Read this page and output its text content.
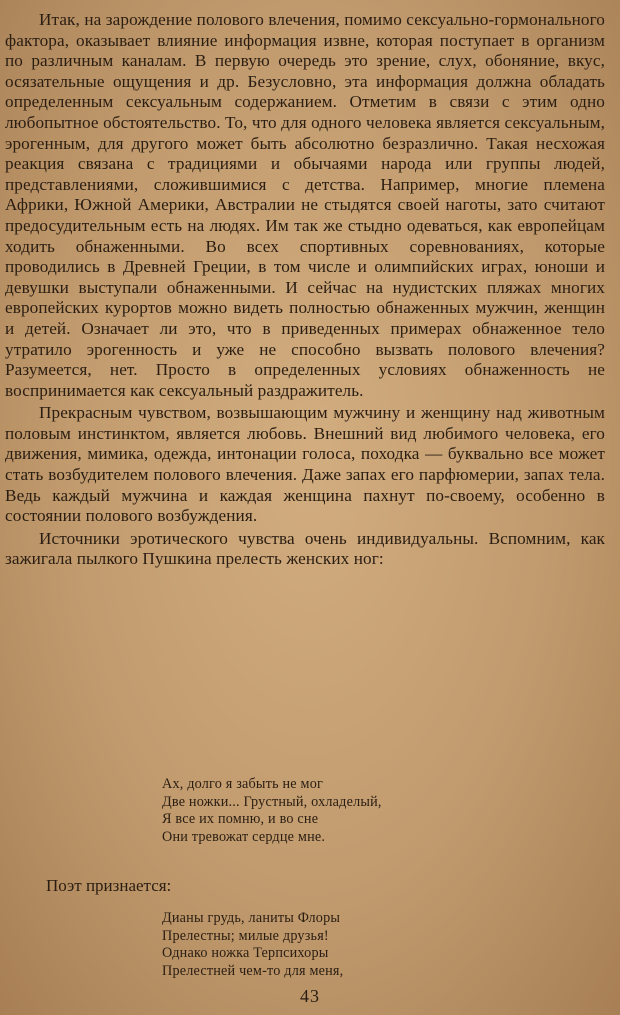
Итак, на зарождение полового влечения, помимо сексуально-гормонального фактора, оказывает влияние информация извне, которая поступает в организм по различным каналам. В первую очередь это зрение, слух, обоняние, вкус, осязательные ощущения и др. Безусловно, эта информация должна обладать определенным сексуальным содержанием. Отметим в связи с этим одно любопытное обстоятельство. То, что для одного человека является сексуальным, эрогенным, для другого может быть абсолютно безразлично. Такая несхожая реакция связана с традициями и обычаями народа или группы людей, представлениями, сложившимися с детства. Например, многие племена Африки, Южной Америки, Австралии не стыдятся своей наготы, зато считают предосудительным есть на людях. Им так же стыдно одеваться, как европейцам ходить обнаженными. Во всех спортивных соревнованиях, которые проводились в Древней Греции, в том числе и олимпийских играх, юноши и девушки выступали обнаженными. И сейчас на нудистских пляжах многих европейских курортов можно видеть полностью обнаженных мужчин, женщин и детей. Означает ли это, что в приведенных примерах обнаженное тело утратило эрогенность и уже не способно вызвать полового влечения? Разумеется, нет. Просто в определенных условиях обнаженность не воспринимается как сексуальный раздражитель.

Прекрасным чувством, возвышающим мужчину и женщину над животным половым инстинктом, является любовь. Внешний вид любимого человека, его движения, мимика, одежда, интонации голоса, походка — буквально все может стать возбудителем полового влечения. Даже запах его парфюмерии, запах тела. Ведь каждый мужчина и каждая женщина пахнут по-своему, особенно в состоянии полового возбуждения.

Источники эротического чувства очень индивидуальны. Вспомним, как зажигала пылкого Пушкина прелесть женских ног:

Ах, долго я забыть не мог
Две ножки... Грустный, охладелый,
Я все их помню, и во сне
Они тревожат сердце мне.
Поэт признается:
Дианы грудь, ланиты Флоры
Прелестны; милые друзья!
Однако ножка Терпсихоры
Прелестней чем-то для меня,
43
